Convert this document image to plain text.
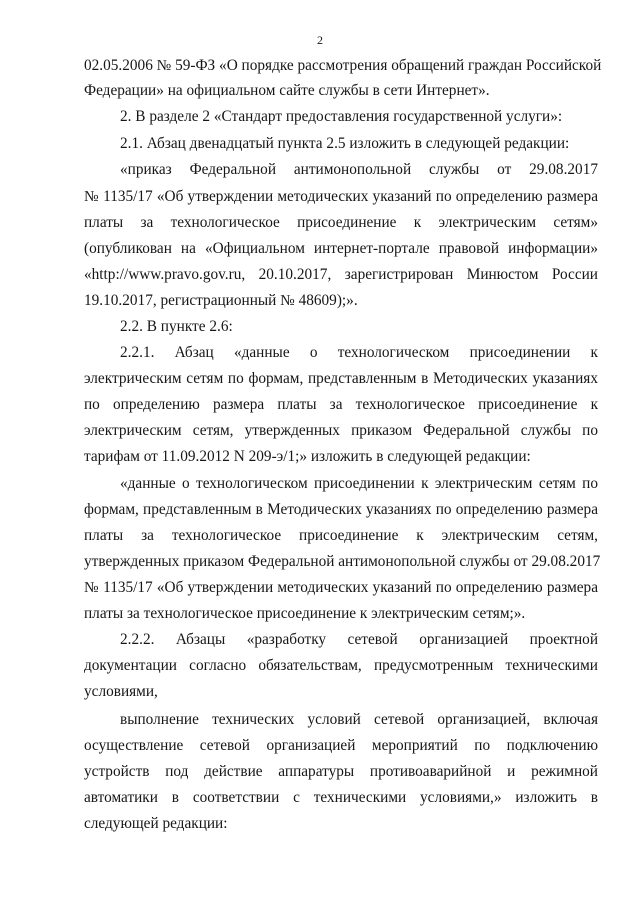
2
02.05.2006 № 59-ФЗ «О порядке рассмотрения обращений граждан Российской
Федерации» на официальном сайте службы в сети Интернет».
2. В разделе 2 «Стандарт предоставления государственной услуги»:
2.1. Абзац двенадцатый пункта 2.5 изложить в следующей редакции:
«приказ Федеральной антимонопольной службы от 29.08.2017
№ 1135/17 «Об утверждении методических указаний по определению размера
платы за технологическое присоединение к электрическим сетям»
(опубликован на «Официальном интернет-портале правовой информации»
«http://www.pravo.gov.ru, 20.10.2017, зарегистрирован Минюстом России
19.10.2017, регистрационный № 48609);».
2.2. В пункте 2.6:
2.2.1. Абзац «данные о технологическом присоединении к
электрическим сетям по формам, представленным в Методических указаниях
по определению размера платы за технологическое присоединение к
электрическим сетям, утвержденных приказом Федеральной службы по
тарифам от 11.09.2012 N 209-э/1;» изложить в следующей редакции:
«данные о технологическом присоединении к электрическим сетям по
формам, представленным в Методических указаниях по определению размера
платы за технологическое присоединение к электрическим сетям,
утвержденных приказом Федеральной антимонопольной службы от 29.08.2017
№ 1135/17 «Об утверждении методических указаний по определению размера
платы за технологическое присоединение к электрическим сетям;».
2.2.2. Абзацы «разработку сетевой организацией проектной
документации согласно обязательствам, предусмотренным техническими
условиями,
выполнение технических условий сетевой организацией, включая
осуществление сетевой организацией мероприятий по подключению
устройств под действие аппаратуры противоаварийной и режимной
автоматики в соответствии с техническими условиями,» изложить в
следующей редакции:
